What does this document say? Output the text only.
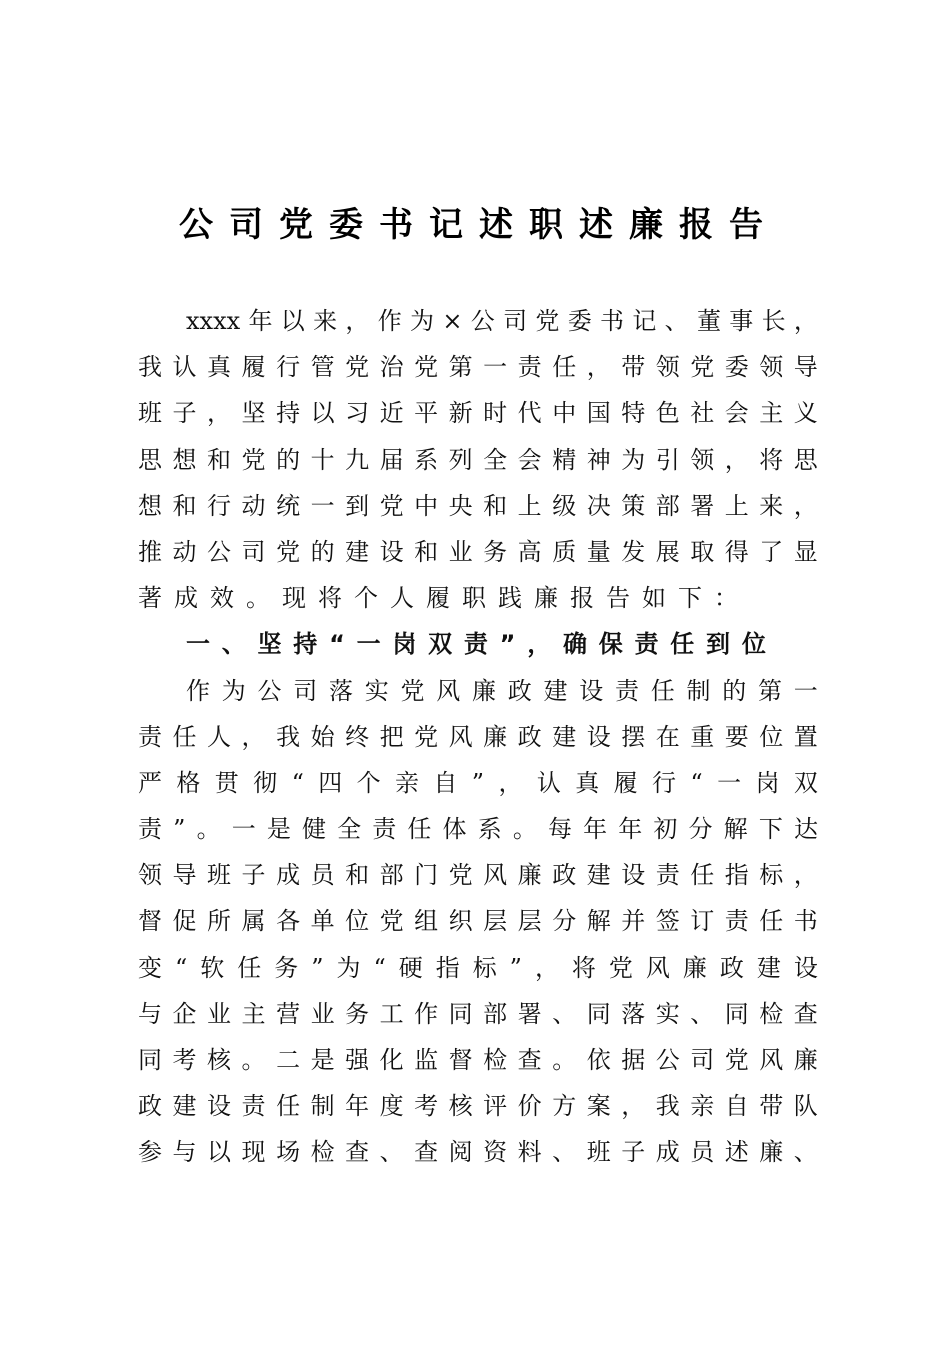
公司党委书记述职述廉报告
xxxx 年 以 来 ， 作 为 × 公 司 党 委 书 记 、 董 事 长 ，
我 认 真 履 行 管 党 治 党 第 一 责 任 ， 带 领 党 委 领 导
班 子 ， 坚 持 以 习 近 平 新 时 代 中 国 特 色 社 会 主 义
思 想 和 党 的 十 九 届 系 列 全 会 精 神 为 引 领 ， 将 思
想 和 行 动 统 一 到 党 中 央 和 上 级 决 策 部 署 上 来 ，
推 动 公 司 党 的 建 设 和 业 务 高 质 量 发 展 取 得 了 显
著成效。现将个人履职践廉报告如下：
一 、 坚 持 “ 一 岗 双 责 ” ， 确 保 责 任 到 位
作 为 公 司 落 实 党 风 廉 政 建 设 责 任 制 的 第 一
责 任 人 ， 我 始 终 把 党 风 廉 政 建 设 摆 在 重 要 位 置
严 格 贯 彻 “ 四 个 亲 自 ” ， 认 真 履 行 “ 一 岗 双
责 ” 。 一 是 健 全 责 任 体 系 。 每 年 年 初 分 解 下 达
领 导 班 子 成 员 和 部 门 党 风 廉 政 建 设 责 任 指 标 ，
督 促 所 属 各 单 位 党 组 织 层 层 分 解 并 签 订 责 任 书
变 “ 软 任 务 ” 为 “ 硬 指 标 ” ， 将 党 风 廉 政 建 设
与 企 业 主 营 业 务 工 作 同 部 署 、 同 落 实 、 同 检 查
同 考 核 。 二 是 强 化 监 督 检 查 。 依 据 公 司 党 风 廉
政 建 设 责 任 制 年 度 考 核 评 价 方 案 ， 我 亲 自 带 队
参 与 以 现 场 检 查 、 查 阅 资 料 、 班 子 成 员 述 廉 、
